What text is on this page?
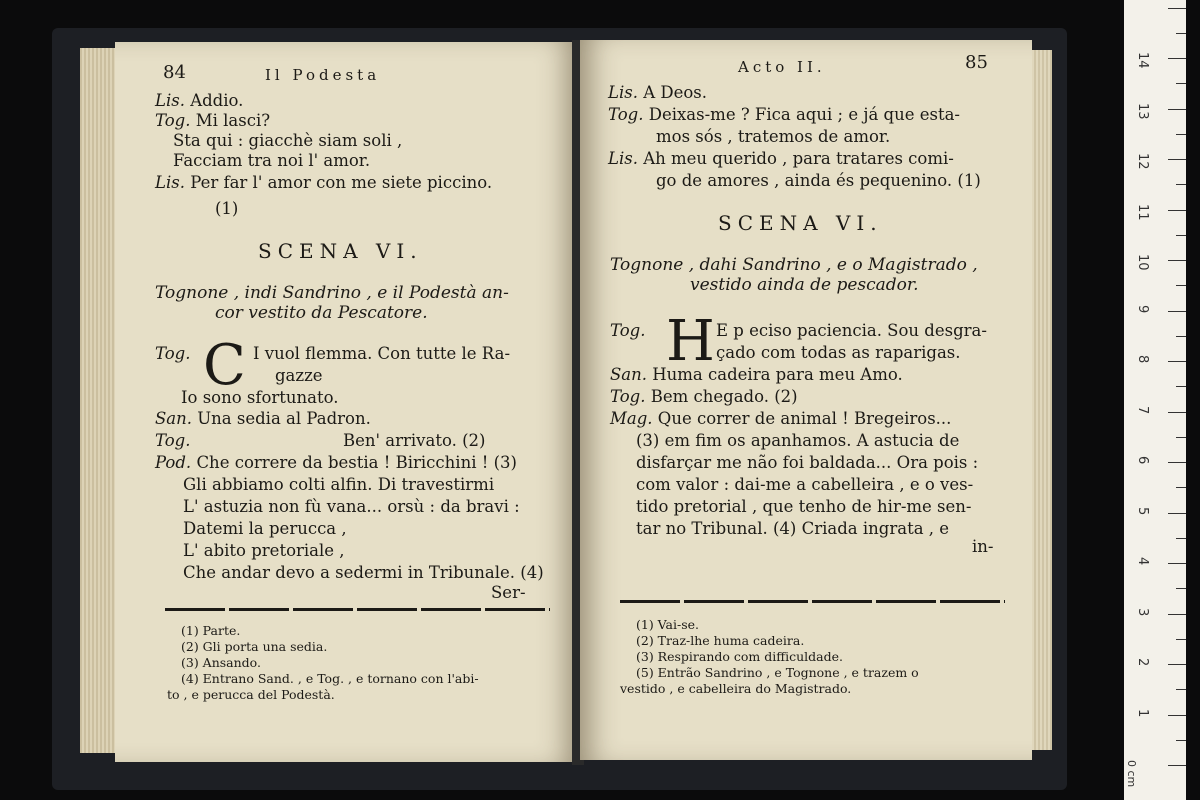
84	Il Podesta
Lis. Addio.
Tog. Mi lasci?
Sta qui : giacchè siam soli ,
Facciam tra noi l' amor.
Lis. Per far l' amor con me siete piccino.
(1)
SCENA VI.
Tognone , indi Sandrino , e il Podestà an-
cor vestito da Pescatore.
C
Tog.	I vuol flemma. Con tutte le Ra-
gazze
Io sono sfortunato.
San. Una sedia al Padron.
Tog.	Ben' arrivato. (2)
Pod. Che correre da bestia ! Biricchini ! (3)
Gli abbiamo colti alfin. Di travestirmi
L' astuzia non fù vana... orsù : da bravi :
Datemi la perucca ,
L' abito pretoriale ,
Che andar devo a sedermi in Tribunale. (4)
Ser-
(1) Parte.
(2) Gli porta una sedia.
(3) Ansando.
(4) Entrano Sand. , e Tog. , e tornano con l'abi-
to , e perucca del Podestà.
Acto II.	85
Lis. A Deos.
Tog. Deixas-me ? Fica aqui ; e já que esta-
mos sós , tratemos de amor.
Lis. Ah meu querido , para tratares comi-
go de amores , ainda és pequenino. (1)
SCENA VI.
Tognone , dahi Sandrino , e o Magistrado ,
vestido ainda de pescador.
H
Tog.	E p eciso paciencia. Sou desgra-
çado com todas as raparigas.
San. Huma cadeira para meu Amo.
Tog. Bem chegado. (2)
Mag. Que correr de animal ! Bregeiros...
(3) em fim os apanhamos. A astucia de
disfarçar me não foi baldada... Ora pois :
com valor : dai-me a cabelleira , e o ves-
tido pretorial , que tenho de hir-me sen-
tar no Tribunal. (4) Criada ingrata , e
in-
(1) Vai-se.
(2) Traz-lhe huma cadeira.
(3) Respirando com difficuldade.
(5) Entrão Sandrino , e Tognone , e trazem o
vestido , e cabelleira do Magistrado.
1
2
3
4
5
6
7
8
9
10
11
12
13
14
0 cm
